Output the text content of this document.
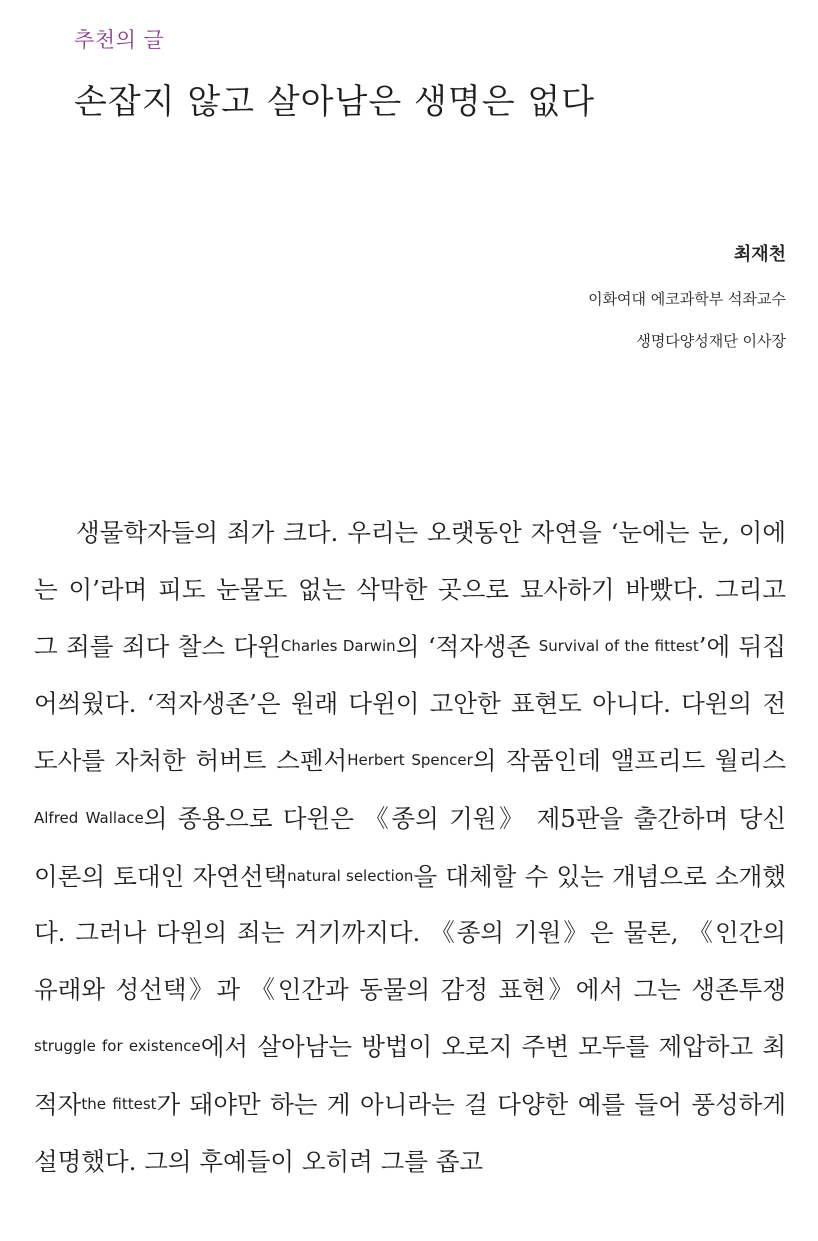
추천의 글
손잡지 않고 살아남은 생명은 없다
최재천
이화여대 에코과학부 석좌교수
생명다양성재단 이사장

생물학자들의 죄가 크다. 우리는 오랫동안 자연을 ‘눈에는 눈, 이에는 이’라며 피도 눈물도 없는 삭막한 곳으로 묘사하기 바빴다. 그리고 그 죄를 죄다 찰스 다윈Charles Darwin의 ‘적자생존 Survival of the fittest’에 뒤집어씌웠다. ‘적자생존’은 원래 다윈이 고안한 표현도 아니다. 다윈의 전도사를 자처한 허버트 스펜서Herbert Spencer의 작품인데 앨프리드 월리스Alfred Wallace의 종용으로 다윈은 《종의 기원》 제5판을 출간하며 당신 이론의 토대인 자연선택natural selection을 대체할 수 있는 개념으로 소개했다. 그러나 다윈의 죄는 거기까지다. 《종의 기원》은 물론, 《인간의 유래와 성선택》과 《인간과 동물의 감정 표현》에서 그는 생존투쟁 struggle for existence에서 살아남는 방법이 오로지 주변 모두를 제압하고 최적자the fittest가 돼야만 하는 게 아니라는 걸 다양한 예를 들어 풍성하게 설명했다. 그의 후예들이 오히려 그를 좁고
